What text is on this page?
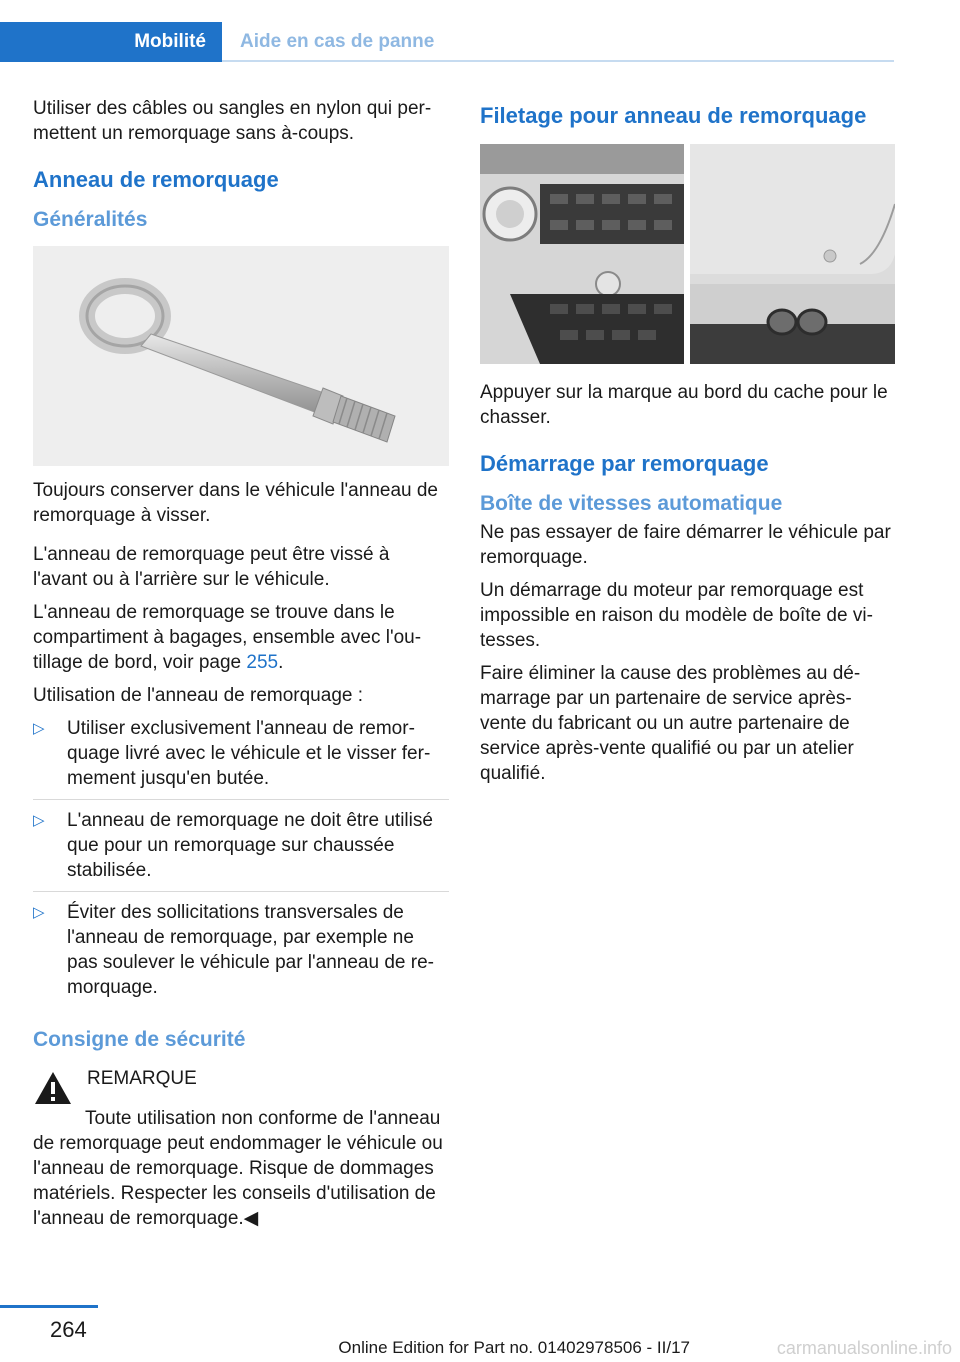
Mobilité	Aide en cas de panne

Utiliser des câbles ou sangles en nylon qui permettent un remorquage sans à-coups.

Anneau de remorquage
Généralités

Toujours conserver dans le véhicule l'anneau de remorquage à visser.

L'anneau de remorquage peut être vissé à l'avant ou à l'arrière sur le véhicule.

L'anneau de remorquage se trouve dans le compartiment à bagages, ensemble avec l'outillage de bord, voir page 255.

Utilisation de l'anneau de remorquage :

▷ Utiliser exclusivement l'anneau de remorquage livré avec le véhicule et le visser fermement jusqu'en butée.
▷ L'anneau de remorquage ne doit être utilisé que pour un remorquage sur chaussée stabilisée.
▷ Éviter des sollicitations transversales de l'anneau de remorquage, par exemple ne pas soulever le véhicule par l'anneau de remorquage.
Consigne de sécurité
REMARQUE

Toute utilisation non conforme de l'anneau de remorquage peut endommager le véhicule ou l'anneau de remorquage. Risque de dommages matériels. Respecter les conseils d'utilisation de l'anneau de remorquage.◀

Filetage pour anneau de remorquage

Appuyer sur la marque au bord du cache pour le chasser.

Démarrage par remorquage
Boîte de vitesses automatique

Ne pas essayer de faire démarrer le véhicule par remorquage.

Un démarrage du moteur par remorquage est impossible en raison du modèle de boîte de vitesses.

Faire éliminer la cause des problèmes au démarrage par un partenaire de service après-vente du fabricant ou un autre partenaire de service après-vente qualifié ou par un atelier qualifié.

264
Online Edition for Part no. 01402978506 - II/17	carmanualsonline.info
